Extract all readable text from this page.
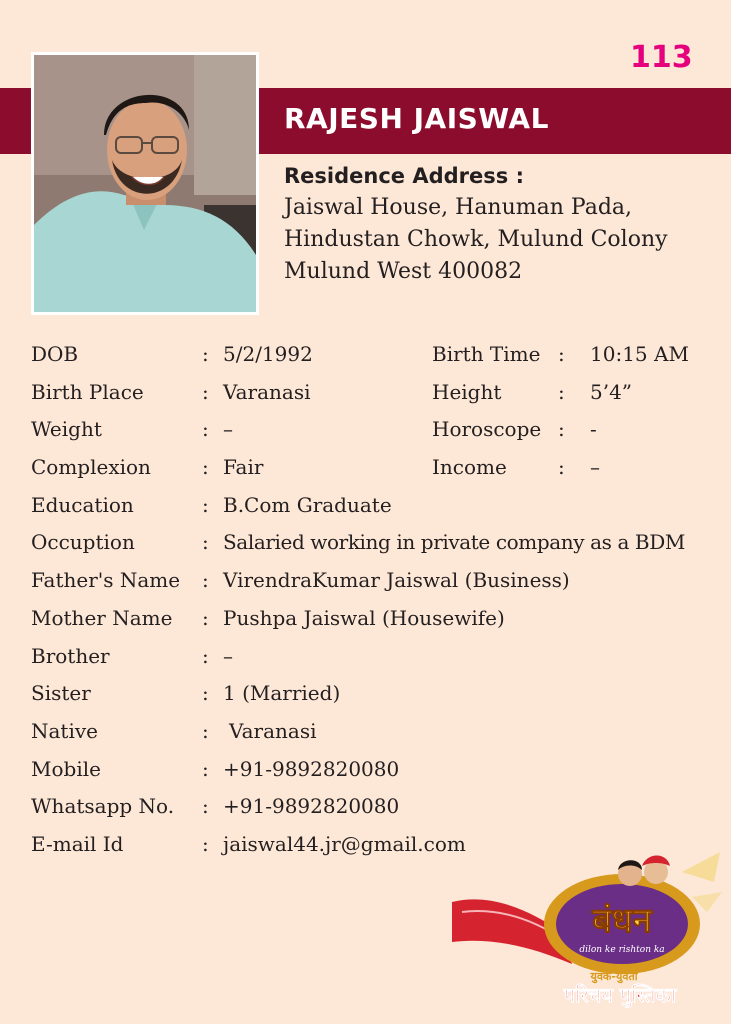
113
RAJESH JAISWAL
Residence Address :
Jaiswal House, Hanuman Pada,
Hindustan Chowk, Mulund Colony
Mulund West 400082
DOB	: 5/2/1992	Birth Time : 10:15 AM
Birth Place	: Varanasi	Height	: 5’4”
Weight	: –	Horoscope : -
Complexion	: Fair	Income	: –
Education	: B.Com Graduate
Occuption	: Salaried working in private company as a BDM
Father's Name : VirendraKumar Jaiswal (Business)
Mother Name : Pushpa Jaiswal (Housewife)
Brother	: –
Sister	: 1 (Married)
Native	: Varanasi
Mobile	: +91-9892820080
Whatsapp No. : +91-9892820080
E-mail Id	: jaiswal44.jr@gmail.com
बंधन
dilon ke rishton ka
युवक-युवती
परिचय पुस्तिका
